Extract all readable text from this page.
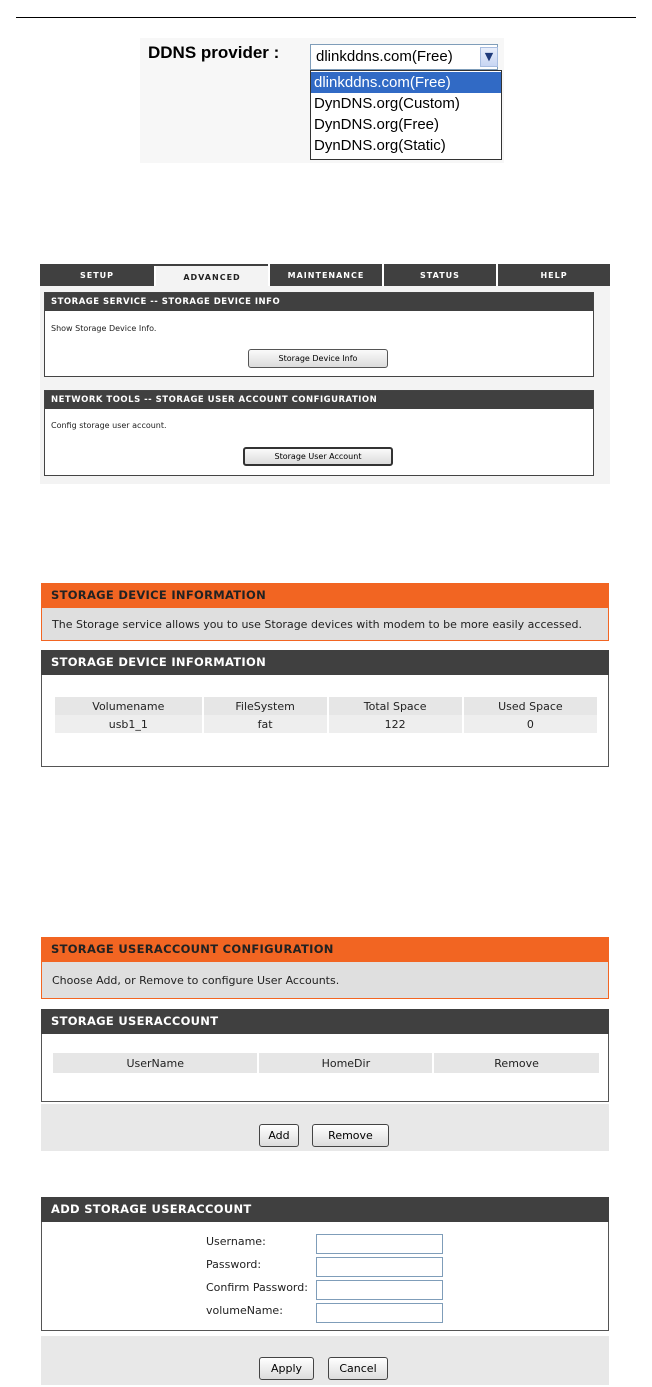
DDNS provider : dlinkddns.com(Free)	▼
dlinkddns.com(Free)
DynDNS.org(Custom)
DynDNS.org(Free)
DynDNS.org(Static)
SETUP	ADVANCED	MAINTENANCE	STATUS	HELP
STORAGE SERVICE -- STORAGE DEVICE INFO
Show Storage Device Info.
Storage Device Info
NETWORK TOOLS -- STORAGE USER ACCOUNT CONFIGURATION
Config storage user account.
Storage User Account
STORAGE DEVICE INFORMATION
The Storage service allows you to use Storage devices with modem to be more easily accessed.
STORAGE DEVICE INFORMATION
Volumename	FileSystem	Total Space	Used Space
usb1_1	fat	122	0
STORAGE USERACCOUNT CONFIGURATION
Choose Add, or Remove to configure User Accounts.
STORAGE USERACCOUNT
UserName	HomeDir	Remove
Add	Remove
ADD STORAGE USERACCOUNT
Username:
Password:
Confirm Password:
volumeName:
Apply	Cancel
